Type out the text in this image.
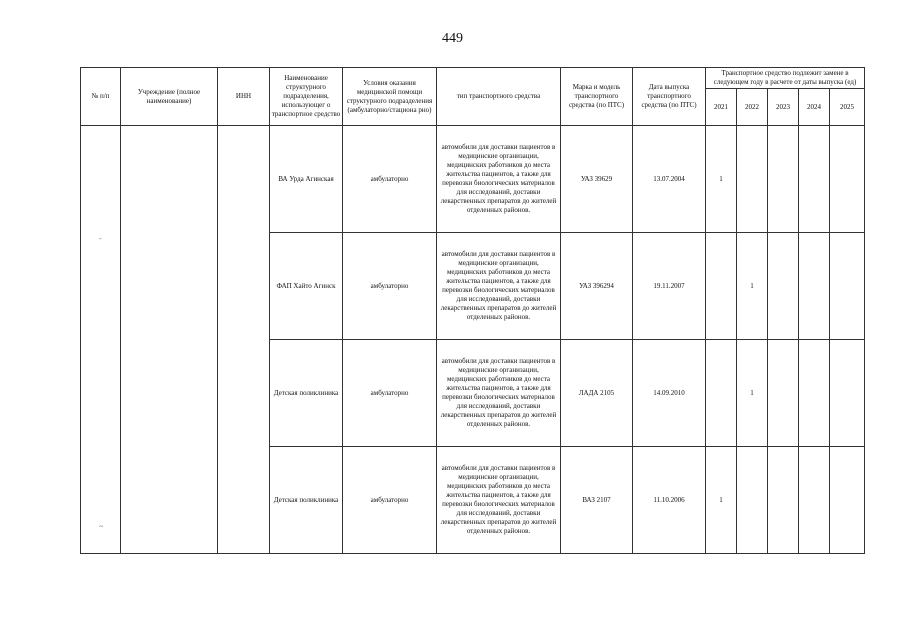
449
№ п/п	Учреждение (полное наименование)	ИНН	Наименование структурного подразделения, использующег о транспортное средство	Условия оказания медицинской помощи структурного подразделения (амбулаторно/стациона рно)	тип транспортного средства	Марка и модель транспортного средства (по ПТС)	Дата выпуска транспортного средства (по ПТС)	Транспортное средство подлежит замене в следующем году в расчете от даты выпуска (ед)				
								2021	2022	2023	2024	2025

-
~			ВА Урда Агинская	амбулаторно	автомобили для доставки пациентов в медицинские организации, медицинских работников до места жительства пациентов, а также для перевозки биологических материалов для исследований, доставки лекарственных препаратов до жителей отделенных районов.	УАЗ 39629	13.07.2004	1				
			ФАП Хайто Агинск	амбулаторно	автомобили для доставки пациентов в медицинские организации, медицинских работников до места жительства пациентов, а также для перевозки биологических материалов для исследований, доставки лекарственных препаратов до жителей отделенных районов.	УАЗ 396294	19.11.2007		1			
			Детская поликлиника	амбулаторно	автомобили для доставки пациентов в медицинские организации, медицинских работников до места жительства пациентов, а также для перевозки биологических материалов для исследований, доставки лекарственных препаратов до жителей отделенных районов.	ЛАДА 2105	14.09.2010		1			
			Детская поликлиника	амбулаторно	автомобили для доставки пациентов в медицинские организации, медицинских работников до места жительства пациентов, а также для перевозки биологических материалов для исследований, доставки лекарственных препаратов до жителей отделенных районов.	ВАЗ 2107	11.10.2006	1				
